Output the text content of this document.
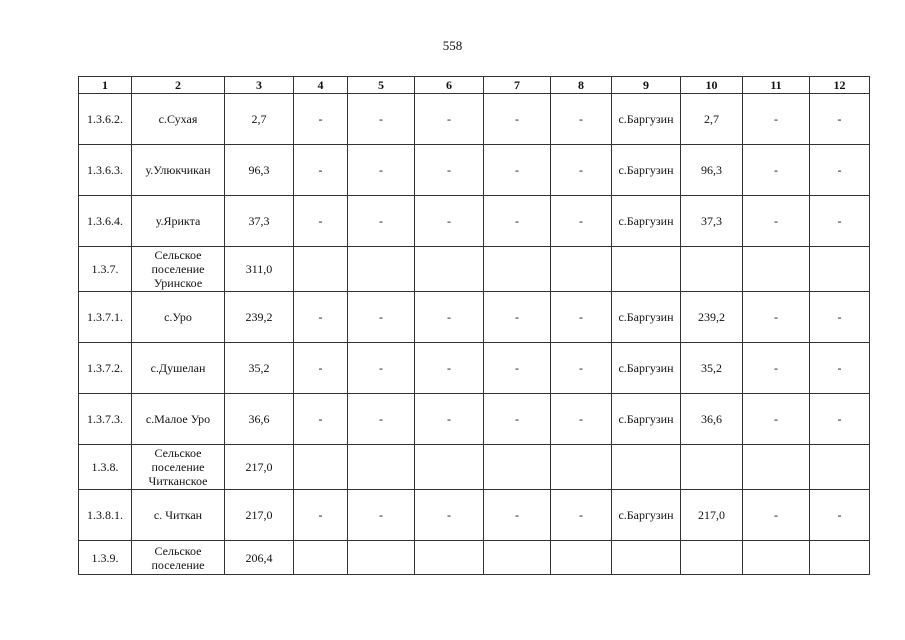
558
1	2	3	4	5	6	7	8	9	10	11	12
1.3.6.2.	с.Сухая	2,7	-	-	-	-	-	с.Баргузин	2,7	-	-
1.3.6.3.	у.Улюкчикан	96,3	-	-	-	-	-	с.Баргузин	96,3	-	-
1.3.6.4.	у.Ярикта	37,3	-	-	-	-	-	с.Баргузин	37,3	-	-
1.3.7.	Сельское поселение Уринское	311,0									
1.3.7.1.	с.Уро	239,2	-	-	-	-	-	с.Баргузин	239,2	-	-
1.3.7.2.	с.Душелан	35,2	-	-	-	-	-	с.Баргузин	35,2	-	-
1.3.7.3.	с.Малое Уро	36,6	-	-	-	-	-	с.Баргузин	36,6	-	-
1.3.8.	Сельское поселение Читканское	217,0									
1.3.8.1.	с. Читкан	217,0	-	-	-	-	-	с.Баргузин	217,0	-	-
1.3.9.	Сельское поселение	206,4									
